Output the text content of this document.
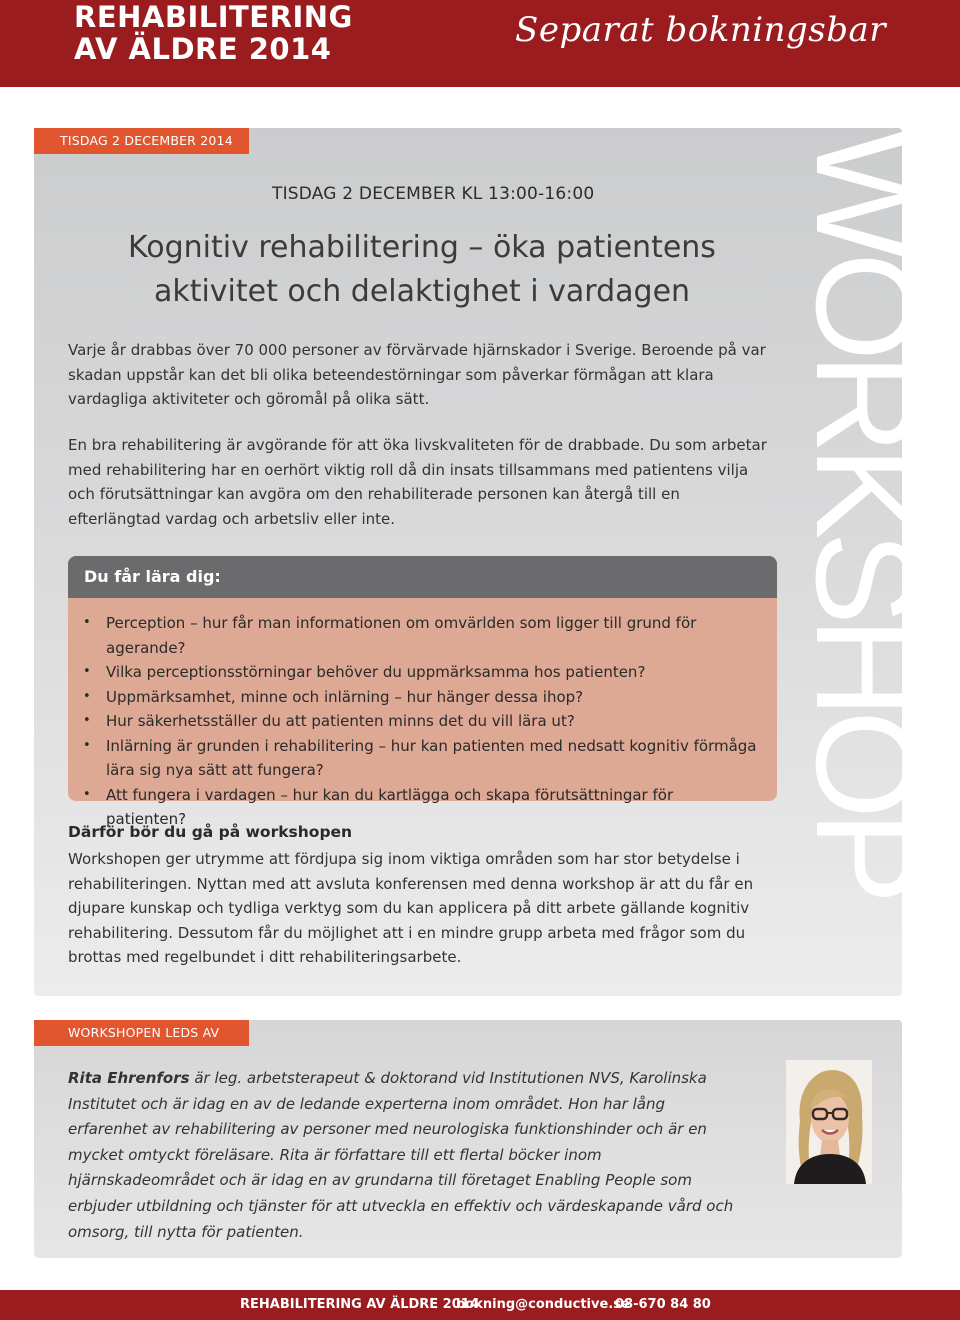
REHABILITERING
AV ÄLDRE 2014	Separat bokningsbar
TISDAG 2 DECEMBER 2014	WORKSHOP
TISDAG 2 DECEMBER KL 13:00-16:00
Kognitiv rehabilitering – öka patientens
aktivitet och delaktighet i vardagen

Varje år drabbas över 70 000 personer av förvärvade hjärnskador i Sverige. Beroende på var skadan uppstår kan det bli olika beteendestörningar som påverkar förmågan att klara vardagliga aktiviteter och göromål på olika sätt.

En bra rehabilitering är avgörande för att öka livskvaliteten för de drabbade. Du som arbetar med rehabilitering har en oerhört viktig roll då din insats tillsammans med patientens vilja och förutsättningar kan avgöra om den rehabiliterade personen kan återgå till en efterlängtad vardag och arbetsliv eller inte.

Du får lära dig:
• Perception – hur får man informationen om omvärlden som ligger till grund för agerande?
• Vilka perceptionsstörningar behöver du uppmärksamma hos patienten?
• Uppmärksamhet, minne och inlärning – hur hänger dessa ihop?
• Hur säkerhetsställer du att patienten minns det du vill lära ut?
• Inlärning är grunden i rehabilitering – hur kan patienten med nedsatt kognitiv förmåga lära sig nya sätt att fungera?
• Att fungera i vardagen – hur kan du kartlägga och skapa förutsättningar för patienten?
Därför bör du gå på workshopen

Workshopen ger utrymme att fördjupa sig inom viktiga områden som har stor betydelse i rehabiliteringen. Nyttan med att avsluta konferensen med denna workshop är att du får en djupare kunskap och tydliga verktyg som du kan applicera på ditt arbete gällande kognitiv rehabilitering. Dessutom får du möjlighet att i en mindre grupp arbeta med frågor som du brottas med regelbundet i ditt rehabiliteringsarbete.

WORKSHOPEN LEDS AV

Rita Ehrenfors är leg. arbetsterapeut & doktorand vid Institutionen NVS, Karolinska Institutet och är idag en av de ledande experterna inom området. Hon har lång erfarenhet av rehabilitering av personer med neurologiska funktionshinder och är en mycket omtyckt föreläsare. Rita är författare till ett flertal böcker inom hjärnskadeområdet och är idag en av grundarna till företaget Enabling People som erbjuder utbildning och tjänster för att utveckla en effektiv och värdeskapande vård och omsorg, till nytta för patienten.

REHABILITERING AV ÄLDRE 2014
bokning@conductive.se
08-670 84 80
